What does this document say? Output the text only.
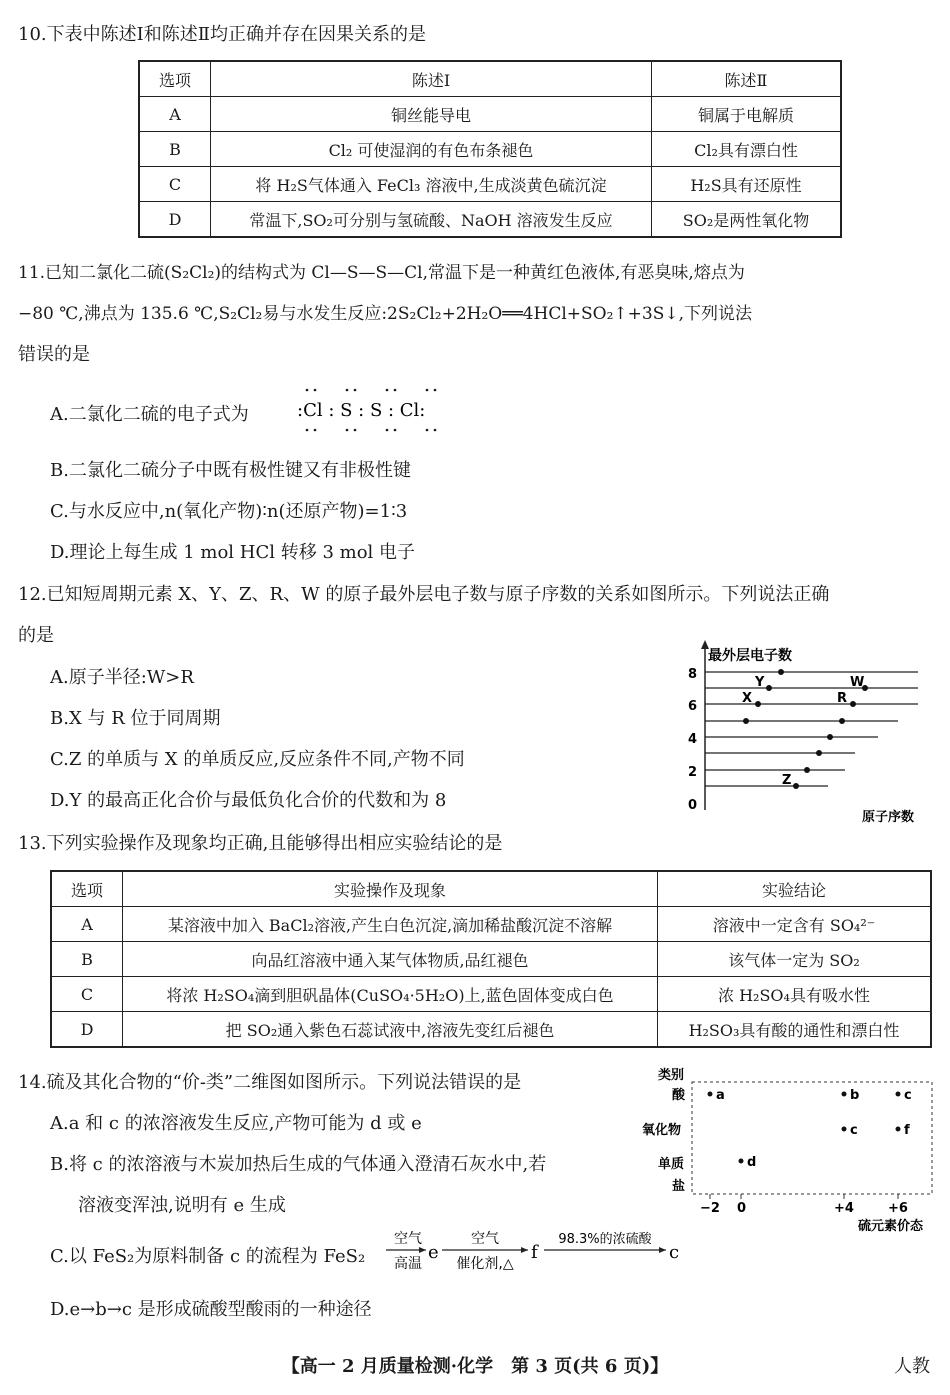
10.下表中陈述Ⅰ和陈述Ⅱ均正确并存在因果关系的是
选项	陈述Ⅰ	陈述Ⅱ
A	铜丝能导电	铜属于电解质
B	Cl₂ 可使湿润的有色布条褪色	Cl₂具有漂白性
C	将 H₂S气体通入 FeCl₃ 溶液中,生成淡黄色硫沉淀	H₂S具有还原性
D	常温下,SO₂可分别与氢硫酸、NaOH 溶液发生反应	SO₂是两性氧化物
11.已知二氯化二硫(S₂Cl₂)的结构式为 Cl—S—S—Cl,常温下是一种黄红色液体,有恶臭味,熔点为
−80 ℃,沸点为 135.6 ℃,S₂Cl₂易与水发生反应:2S₂Cl₂+2H₂O══4HCl+SO₂↑+3S↓,下列说法
错误的是
A.二氯化二硫的电子式为	:Cl : S : S : Cl:
B.二氯化二硫分子中既有极性键又有非极性键
C.与水反应中,n(氧化产物)∶n(还原产物)=1∶3
D.理论上每生成 1 mol HCl 转移 3 mol 电子
12.已知短周期元素 X、Y、Z、R、W 的原子最外层电子数与原子序数的关系如图所示。下列说法正确
的是
A.原子半径:W>R
B.X 与 R 位于同周期
C.Z 的单质与 X 的单质反应,反应条件不同,产物不同
D.Y 的最高正化合价与最低负化合价的代数和为 8
最外层电子数
8
6
4
2
0
Y	W
X	R
Z
原子序数
13.下列实验操作及现象均正确,且能够得出相应实验结论的是
选项	实验操作及现象	实验结论
A	某溶液中加入 BaCl₂溶液,产生白色沉淀,滴加稀盐酸沉淀不溶解	溶液中一定含有 SO₄²⁻
B	向品红溶液中通入某气体物质,品红褪色	该气体一定为 SO₂
C	将浓 H₂SO₄滴到胆矾晶体(CuSO₄·5H₂O)上,蓝色固体变成白色	浓 H₂SO₄具有吸水性
D	把 SO₂通入紫色石蕊试液中,溶液先变红后褪色	H₂SO₃具有酸的通性和漂白性
14.硫及其化合物的“价-类”二维图如图所示。下列说法错误的是
A.a 和 c 的浓溶液发生反应,产物可能为 d 或 e
B.将 c 的浓溶液与木炭加热后生成的气体通入澄清石灰水中,若
溶液变浑浊,说明有 e 生成
C.以 FeS₂为原料制备 c 的流程为 FeS₂
空气
高温
e
空气
催化剂,△
f
98.3%的浓硫酸
c
D.e→b→c 是形成硫酸型酸雨的一种途径
类别
酸
氧化物
单质
盐
a	b	c
c	f
d
−2 0	+4	+6
硫元素价态
【高一 2 月质量检测·化学　第 3 页(共 6 页)】	人教
